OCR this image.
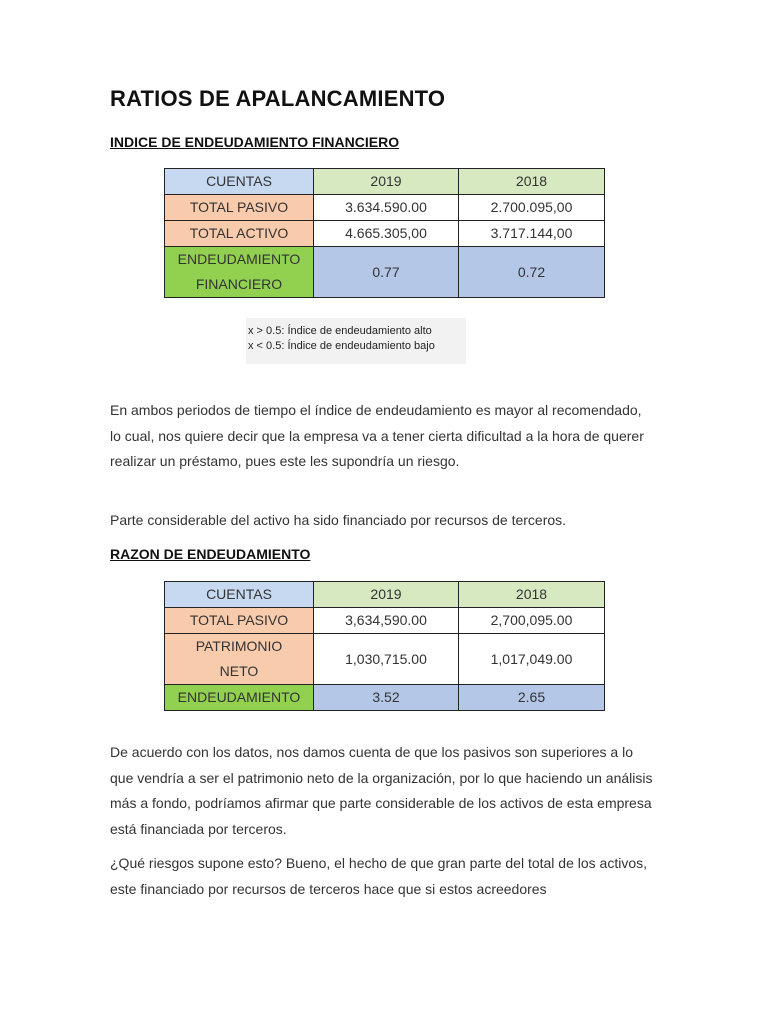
RATIOS DE APALANCAMIENTO
INDICE DE ENDEUDAMIENTO FINANCIERO
CUENTAS	2019	2018
TOTAL PASIVO	3.634.590.00	2.700.095,00
TOTAL ACTIVO	4.665.305,00	3.717.144,00

ENDEUDAMIENTO
FINANCIERO	0.77	0.72
x > 0.5: Índice de endeudamiento alto
x < 0.5: Índice de endeudamiento bajo

En ambos periodos de tiempo el índice de endeudamiento es mayor al recomendado, lo cual, nos quiere decir que la empresa va a tener cierta dificultad a la hora de querer realizar un préstamo, pues este les supondría un riesgo.

Parte considerable del activo ha sido financiado por recursos de terceros.

RAZON DE ENDEUDAMIENTO
CUENTAS	2019	2018
TOTAL PASIVO	3,634,590.00	2,700,095.00

PATRIMONIO
NETO	1,030,715.00	1,017,049.00
ENDEUDAMIENTO	3.52	2.65

De acuerdo con los datos, nos damos cuenta de que los pasivos son superiores a lo que vendría a ser el patrimonio neto de la organización, por lo que haciendo un análisis más a fondo, podríamos afirmar que parte considerable de los activos de esta empresa está financiada por terceros.

¿Qué riesgos supone esto? Bueno, el hecho de que gran parte del total de los activos, este financiado por recursos de terceros hace que si estos acreedores
